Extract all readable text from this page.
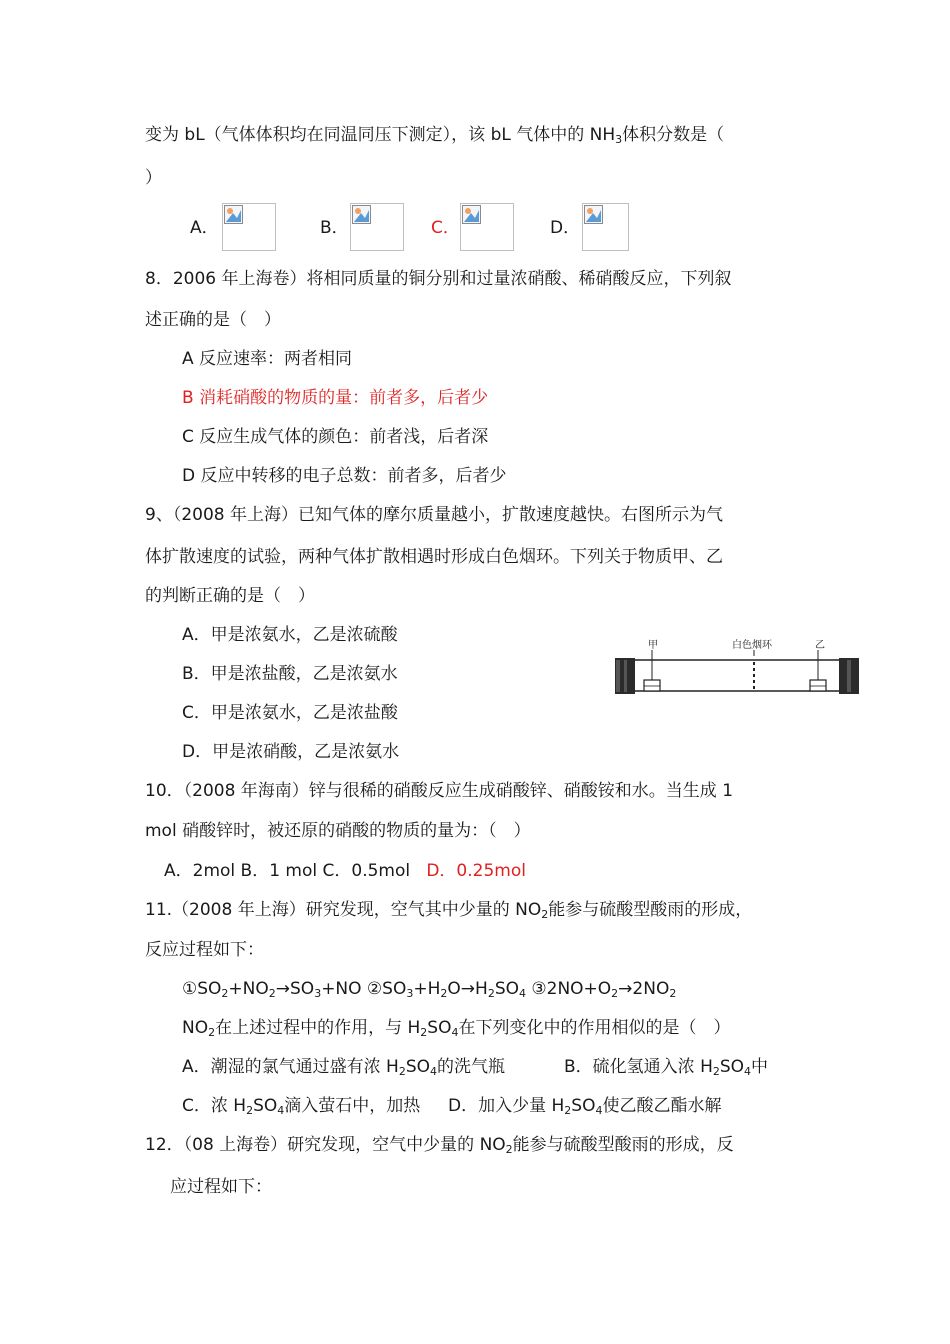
变为 bL（气体体积均在同温同压下测定），该 bL 气体中的 $NH_3$体积分数是（
）
A．	B．	C．	D．
8．2006 年上海卷）将相同质量的铜分别和过量浓硝酸、稀硝酸反应，下列叙
述正确的是（　）
A 反应速率：两者相同
B 消耗硝酸的物质的量：前者多，后者少
C 反应生成气体的颜色：前者浅，后者深
D 反应中转移的电子总数：前者多，后者少
9、（2008 年上海）已知气体的摩尔质量越小，扩散速度越快。右图所示为气
体扩散速度的试验，两种气体扩散相遇时形成白色烟环。下列关于物质甲、乙
的判断正确的是（　）
A．甲是浓氨水，乙是浓硫酸
B．甲是浓盐酸，乙是浓氨水
C．甲是浓氨水，乙是浓盐酸
D．甲是浓硝酸，乙是浓氨水
甲	白色烟环	乙
10．（2008 年海南）锌与很稀的硝酸反应生成硝酸锌、硝酸铵和水。当生成 1
mol 硝酸锌时，被还原的硝酸的物质的量为：（　）
A．2mol B．1 mol C．0.5mol D．0.25mol
11.（2008 年上海）研究发现，空气其中少量的 $NO_2$能参与硫酸型酸雨的形成，
反应过程如下：
$①SO_2+NO_2\to SO_3+NO$ $②SO_3+H_2O\to H_2SO_4$ $③2NO+O_2\to 2NO_2$
$NO_2$在上述过程中的作用，与 $H_2SO_4$在下列变化中的作用相似的是（　）
A．潮湿的氯气通过盛有浓 $H_2SO_4$的洗气瓶	B．硫化氢通入浓 $H_2SO_4$中
C．浓 $H_2SO_4$滴入萤石中，加热 D．加入少量 $H_2SO_4$使乙酸乙酯水解
12．（08 上海卷）研究发现，空气中少量的 $NO_2$能参与硫酸型酸雨的形成，反
应过程如下：
